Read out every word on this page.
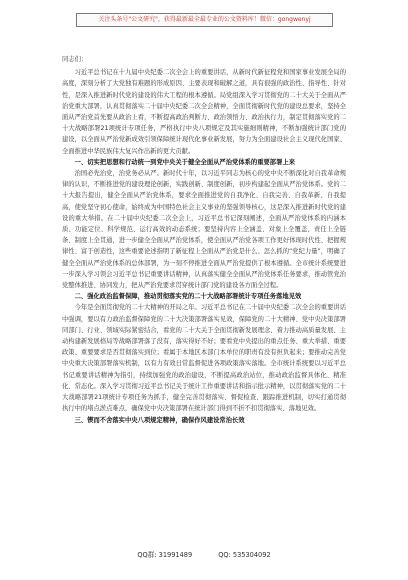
关注头条号"公文研究"，获得最新最全最专业的公文资料库！微信：gongwenyj

同志们：

习近平总书记在十九届中央纪委二次全会上的重要讲话，从新时代新征程党和国家事业发展全局的高度，深刻分析了大党独有难题的形成原因、主要表现和破解之道，具有很强的政治性、指导性、针对性，是深入推进新时代党的建设的伟大工程的根本遵循。局党组深入学习贯彻党的二十大关于全面从严治党重大部署，认真贯彻落实二十届中央纪委二次全会精神，全面贯彻新时代党的建设总要求，坚持全面从严治党首先要从政治上看，不断提高政治判断力、政治领悟力、政治执行力，制定贯彻落实党的二十大战略部署21项统计专项任务，严格执行中央八项规定及其实施细则精神，不断加强统计部门党的建设，以全面从严治党新成效引领保障统计现代化事业新发展，努力为全面建设社会主义现代化国家、全面推进中华民族伟大复兴作出新的更大贡献。

一、切实把思想和行动统一到党中央关于健全全面从严治党体系的重要部署上来

治国必先治党，治党务必从严。新时代十年，以习近平同志为核心的党中央不断深化对自我革命规律的认识，不断推进党的建设理论创新，实践创新、制度创新，初步构建起全面从严治党体系。党的二十大报告提出，健全全面从严治党体系，要求全面推进党的自我净化、自我完善、自我革新、自我提高，使党坚守初心使命，始终成为中国特色社会主义事业的坚强领导核心，这是深入推进新时代党的建设的重大举措。在二十届中央纪委二次全会上，习近平总书记深刻阐述，全面从严治党体系的内涵本质、功能定位、科学规范、运行高效的动态系统；要坚持内容上全涵盖、对象上全覆盖、责任上全链条、制度上全贯通，进一步健全全面从严治党体系，使全面从严治党各项工作更好体现时代性、把握规律性、富于创造性，这些重要论述指明了新征程上全面从严治党是什么、怎么抓的“党纪力量”，明确了健全全面从严治党体系的总体部署，为一刻不停推进全面从严治党提供了根本遵循。全市统计系统要进一步深入学习领会习近平总书记重要讲话精神，认真落实健全全面从严治党体系任务要求，推动管党治党整体推进、协同发力，把从严治党要求贯穿统计部门党的建设各方面全过程。

二、强化政治监督保障，推动贯彻落实党的二十大战略部署统计专项任务落地见效

今年是全面贯彻党的二十大精神的开局之年。习近平总书记在二十届中央纪委二次全会的重要讲话中强调，要以有力政治监督保障党的二十大决策部署落实见效，保障党的二十大精神、党中央决策部署同部门、行业、领域实际紧密结合，看党的二十大关于全面贯彻新发展理念、着力推动高质量发展、主动构建新发展格局等战略部署落了没有，落实得好不好；要看党中央提出的重点任务、重大举措、重要政策、重要要求是否贯彻落实到位；看属于本地区本部门本单位的职责有没有担负起来；要推动完善党中央重大决策部署落实机制，以有力有效日常监督促进各项政策落实落地。全市统计系统要以习近平总书记重要讲话精神为指引，持续加强党的政治建设，不断提高政治站位，推动政治监督具体化、精准化、常态化。深入学习贯彻习近平总书记关于统计工作重要讲话和指示批示精神，以贯彻落实党的二十大战略部署21项统计专项任务为抓手，健全完善贯彻落实、督促检查、跟踪推进机制，切实打通贯彻执行中的堵点淤点难点，确保党中央决策部署在统计部门得到不折不扣贯彻落实、落地见效。

三、锲而不舍落实中央八项规定精神，确保作风建设常治长效

QQ群: 31991489	QQ: 535304092
